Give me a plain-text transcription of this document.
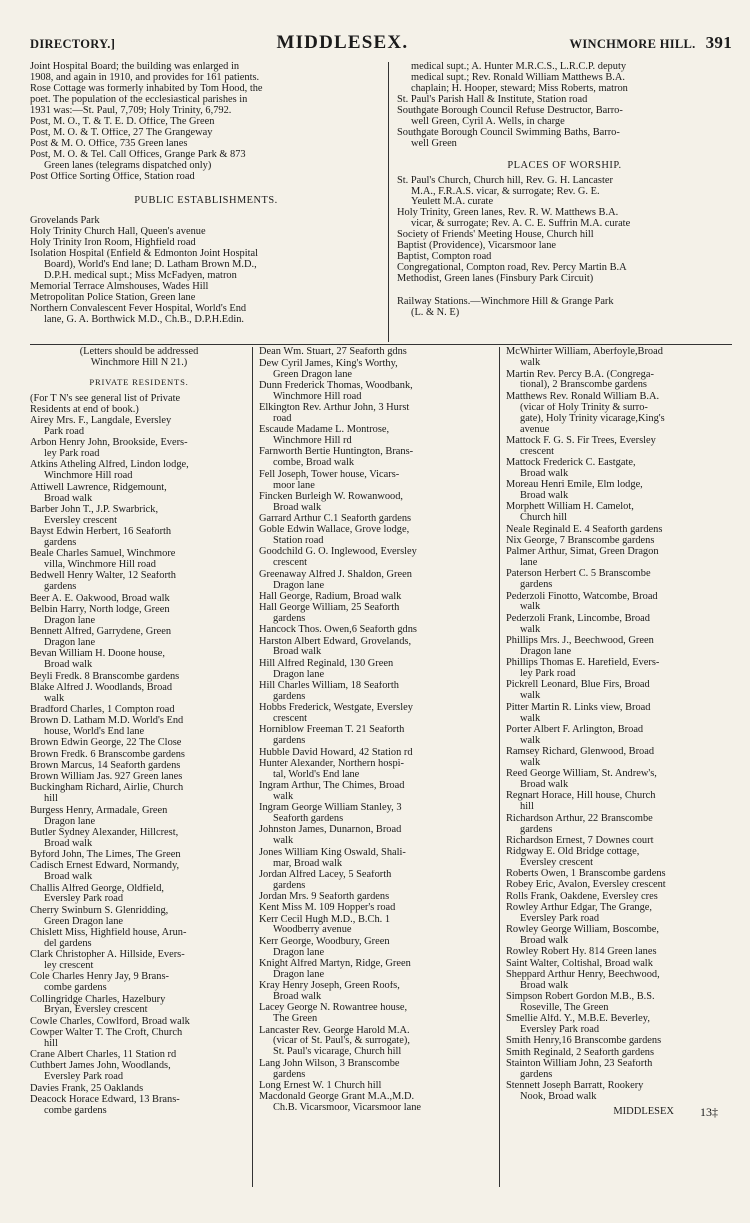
DIRECTORY.]	MIDDLESEX.	WINCHMORE HILL. 391
Joint Hospital Board; the building was enlarged in
1908, and again in 1910, and provides for 161 patients.
Rose Cottage was formerly inhabited by Tom Hood, the
poet. The population of the ecclesiastical parishes in
1931 was:—St. Paul, 7,709; Holy Trinity, 6,792.
Post, M. O., T. & T. E. D. Office, The Green
Post, M. O. & T. Office, 27 The Grangeway
Post & M. O. Office, 735 Green lanes
Post, M. O. & Tel. Call Offices, Grange Park & 873
Green lanes (telegrams dispatched only)
Post Office Sorting Office, Station road
PUBLIC ESTABLISHMENTS.
Grovelands Park
Holy Trinity Church Hall, Queen's avenue
Holy Trinity Iron Room, Highfield road
Isolation Hospital (Enfield & Edmonton Joint Hospital
Board), World's End lane; D. Latham Brown M.D.,
D.P.H. medical supt.; Miss McFadyen, matron
Memorial Terrace Almshouses, Wades Hill
Metropolitan Police Station, Green lane
Northern Convalescent Fever Hospital, World's End
lane, G. A. Borthwick M.D., Ch.B., D.P.H.Edin.
medical supt.; A. Hunter M.R.C.S., L.R.C.P. deputy
medical supt.; Rev. Ronald William Matthews B.A.
chaplain; H. Hooper, steward; Miss Roberts, matron
St. Paul's Parish Hall & Institute, Station road
Southgate Borough Council Refuse Destructor, Barro-
well Green, Cyril A. Wells, in charge
Southgate Borough Council Swimming Baths, Barro-
well Green
PLACES OF WORSHIP.
St. Paul's Church, Church hill, Rev. G. H. Lancaster
M.A., F.R.A.S. vicar, & surrogate; Rev. G. E.
Yeulett M.A. curate
Holy Trinity, Green lanes, Rev. R. W. Matthews B.A.
vicar, & surrogate; Rev. A. C. E. Suffrin M.A. curate
Society of Friends' Meeting House, Church hill
Baptist (Providence), Vicarsmoor lane
Baptist, Compton road
Congregational, Compton road, Rev. Percy Martin B.A
Methodist, Green lanes (Finsbury Park Circuit)
Railway Stations.—Winchmore Hill & Grange Park
(L. & N. E)
(Letters should be addressed
Winchmore Hill N 21.)
PRIVATE RESIDENTS.
(For T N's see general list of Private
Residents at end of book.)
Airey Mrs. F., Langdale, Eversley
Park road
Arbon Henry John, Brookside, Evers-
ley Park road
Atkins Atheling Alfred, Lindon lodge,
Winchmore Hill road
Attiwell Lawrence, Ridgemount,
Broad walk
Barber John T., J.P. Swarbrick,
Eversley crescent
Bayst Edwin Herbert, 16 Seaforth
gardens
Beale Charles Samuel, Winchmore
villa, Winchmore Hill road
Bedwell Henry Walter, 12 Seaforth
gardens
Beer A. E. Oakwood, Broad walk
Belbin Harry, North lodge, Green
Dragon lane
Bennett Alfred, Garrydene, Green
Dragon lane
Bevan William H. Doone house,
Broad walk
Beyli Fredk. 8 Branscombe gardens
Blake Alfred J. Woodlands, Broad
walk
Bradford Charles, 1 Compton road
Brown D. Latham M.D. World's End
house, World's End lane
Brown Edwin George, 22 The Close
Brown Fredk. 6 Branscombe gardens
Brown Marcus, 14 Seaforth gardens
Brown William Jas. 927 Green lanes
Buckingham Richard, Airlie, Church
hill
Burgess Henry, Armadale, Green
Dragon lane
Butler Sydney Alexander, Hillcrest,
Broad walk
Byford John, The Limes, The Green
Cadisch Ernest Edward, Normandy,
Broad walk
Challis Alfred George, Oldfield,
Eversley Park road
Cherry Swinburn S. Glenridding,
Green Dragon lane
Chislett Miss, Highfield house, Arun-
del gardens
Clark Christopher A. Hillside, Evers-
ley crescent
Cole Charles Henry Jay, 9 Brans-
combe gardens
Collingridge Charles, Hazelbury
Bryan, Eversley crescent
Cowle Charles, Cowlford, Broad walk
Cowper Walter T. The Croft, Church
hill
Crane Albert Charles, 11 Station rd
Cuthbert James John, Woodlands,
Eversley Park road
Davies Frank, 25 Oaklands
Deacock Horace Edward, 13 Brans-
combe gardens
Dean Wm. Stuart, 27 Seaforth gdns
Dew Cyril James, King's Worthy,
Green Dragon lane
Dunn Frederick Thomas, Woodbank,
Winchmore Hill road
Elkington Rev. Arthur John, 3 Hurst
road
Escaude Madame L. Montrose,
Winchmore Hill rd
Farnworth Bertie Huntington, Brans-
combe, Broad walk
Fell Joseph, Tower house, Vicars-
moor lane
Fincken Burleigh W. Rowanwood,
Broad walk
Garrard Arthur C.1 Seaforth gardens
Goble Edwin Wallace, Grove lodge,
Station road
Goodchild G. O. Inglewood, Eversley
crescent
Greenaway Alfred J. Shaldon, Green
Dragon lane
Hall George, Radium, Broad walk
Hall George William, 25 Seaforth
gardens
Hancock Thos. Owen,6 Seaforth gdns
Harston Albert Edward, Grovelands,
Broad walk
Hill Alfred Reginald, 130 Green
Dragon lane
Hill Charles William, 18 Seaforth
gardens
Hobbs Frederick, Westgate, Eversley
crescent
Horniblow Freeman T. 21 Seaforth
gardens
Hubble David Howard, 42 Station rd
Hunter Alexander, Northern hospi-
tal, World's End lane
Ingram Arthur, The Chimes, Broad
walk
Ingram George William Stanley, 3
Seaforth gardens
Johnston James, Dunarnon, Broad
walk
Jones William King Oswald, Shali-
mar, Broad walk
Jordan Alfred Lacey, 5 Seaforth
gardens
Jordan Mrs. 9 Seaforth gardens
Kent Miss M. 109 Hopper's road
Kerr Cecil Hugh M.D., B.Ch. 1
Woodberry avenue
Kerr George, Woodbury, Green
Dragon lane
Knight Alfred Martyn, Ridge, Green
Dragon lane
Kray Henry Joseph, Green Roofs,
Broad walk
Lacey George N. Rowantree house,
The Green
Lancaster Rev. George Harold M.A.
(vicar of St. Paul's, & surrogate),
St. Paul's vicarage, Church hill
Lang John Wilson, 3 Branscombe
gardens
Long Ernest W. 1 Church hill
Macdonald George Grant M.A.,M.D.
Ch.B. Vicarsmoor, Vicarsmoor lane
McWhirter William, Aberfoyle,Broad
walk
Martin Rev. Percy B.A. (Congrega-
tional), 2 Branscombe gardens
Matthews Rev. Ronald William B.A.
(vicar of Holy Trinity & surro-
gate), Holy Trinity vicarage,King's
avenue
Mattock F. G. S. Fir Trees, Eversley
crescent
Mattock Frederick C. Eastgate,
Broad walk
Moreau Henri Emile, Elm lodge,
Broad walk
Morphett William H. Camelot,
Church hill
Neale Reginald E. 4 Seaforth gardens
Nix George, 7 Branscombe gardens
Palmer Arthur, Simat, Green Dragon
lane
Paterson Herbert C. 5 Branscombe
gardens
Pederzoli Finotto, Watcombe, Broad
walk
Pederzoli Frank, Lincombe, Broad
walk
Phillips Mrs. J., Beechwood, Green
Dragon lane
Phillips Thomas E. Harefield, Evers-
ley Park road
Pickrell Leonard, Blue Firs, Broad
walk
Pitter Martin R. Links view, Broad
walk
Porter Albert F. Arlington, Broad
walk
Ramsey Richard, Glenwood, Broad
walk
Reed George William, St. Andrew's,
Broad walk
Regnart Horace, Hill house, Church
hill
Richardson Arthur, 22 Branscombe
gardens
Richardson Ernest, 7 Downes court
Ridgway E. Old Bridge cottage,
Eversley crescent
Roberts Owen, 1 Branscombe gardens
Robey Eric, Avalon, Eversley crescent
Rolls Frank, Oakdene, Eversley cres
Rowley Arthur Edgar, The Grange,
Eversley Park road
Rowley George William, Boscombe,
Broad walk
Rowley Robert Hy. 814 Green lanes
Saint Walter, Coltishal, Broad walk
Sheppard Arthur Henry, Beechwood,
Broad walk
Simpson Robert Gordon M.B., B.S.
Roseville, The Green
Smellie Alfd. Y., M.B.E. Beverley,
Eversley Park road
Smith Henry,16 Branscombe gardens
Smith Reginald, 2 Seaforth gardens
Stainton William John, 23 Seaforth
gardens
Stennett Joseph Barratt, Rookery
Nook, Broad walk
MIDDLESEX 13‡
